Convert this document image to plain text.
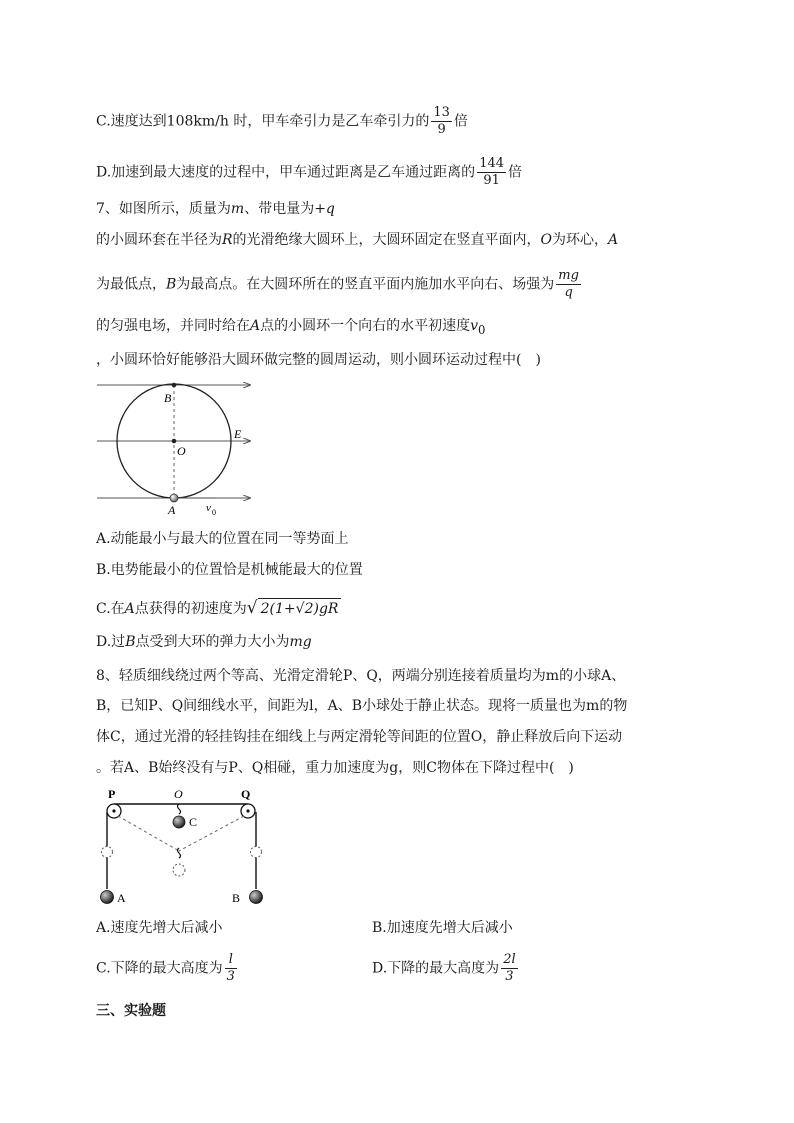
C.速度达到108km/h 时，甲车牵引力是乙车牵引力的 $\frac{13}{9}$ 倍
D.加速到最大速度的过程中，甲车通过距离是乙车通过距离的 $\frac{144}{91}$ 倍
7、如图所示，质量为m、带电量为+q
的小圆环套在半径为R的光滑绝缘大圆环上，大圆环固定在竖直平面内，O为环心，A
为最低点，B为最高点。在大圆环所在的竖直平面内施加水平向右、场强为 $\frac{mg}{q}$
的匀强电场，并同时给在A点的小圆环一个向右的水平初速度$v_0$
，小圆环恰好能够沿大圆环做完整的圆周运动，则小圆环运动过程中(　)
B
O
E
A	v 0
A.动能最小与最大的位置在同一等势面上
B.电势能最小的位置恰是机械能最大的位置
C.在A点获得的初速度为√ 2(1+√2)gR
D.过B点受到大环的弹力大小为mg
8、轻质细线绕过两个等高、光滑定滑轮P、Q，两端分别连接着质量均为m的小球A、
B，已知P、Q间细线水平，间距为l，A、B小球处于静止状态。现将一质量也为m的物
体C，通过光滑的轻挂钩挂在细线上与两定滑轮等间距的位置O，静止释放后向下运动
。若A、B始终没有与P、Q相碰，重力加速度为g，则C物体在下降过程中(　)
P	O	Q
C
A	B
A.速度先增大后减小	B.加速度先增大后减小
C.下降的最大高度为 $\frac{l}{3}$	D.下降的最大高度为 $\frac{2l}{3}$
三、实验题
